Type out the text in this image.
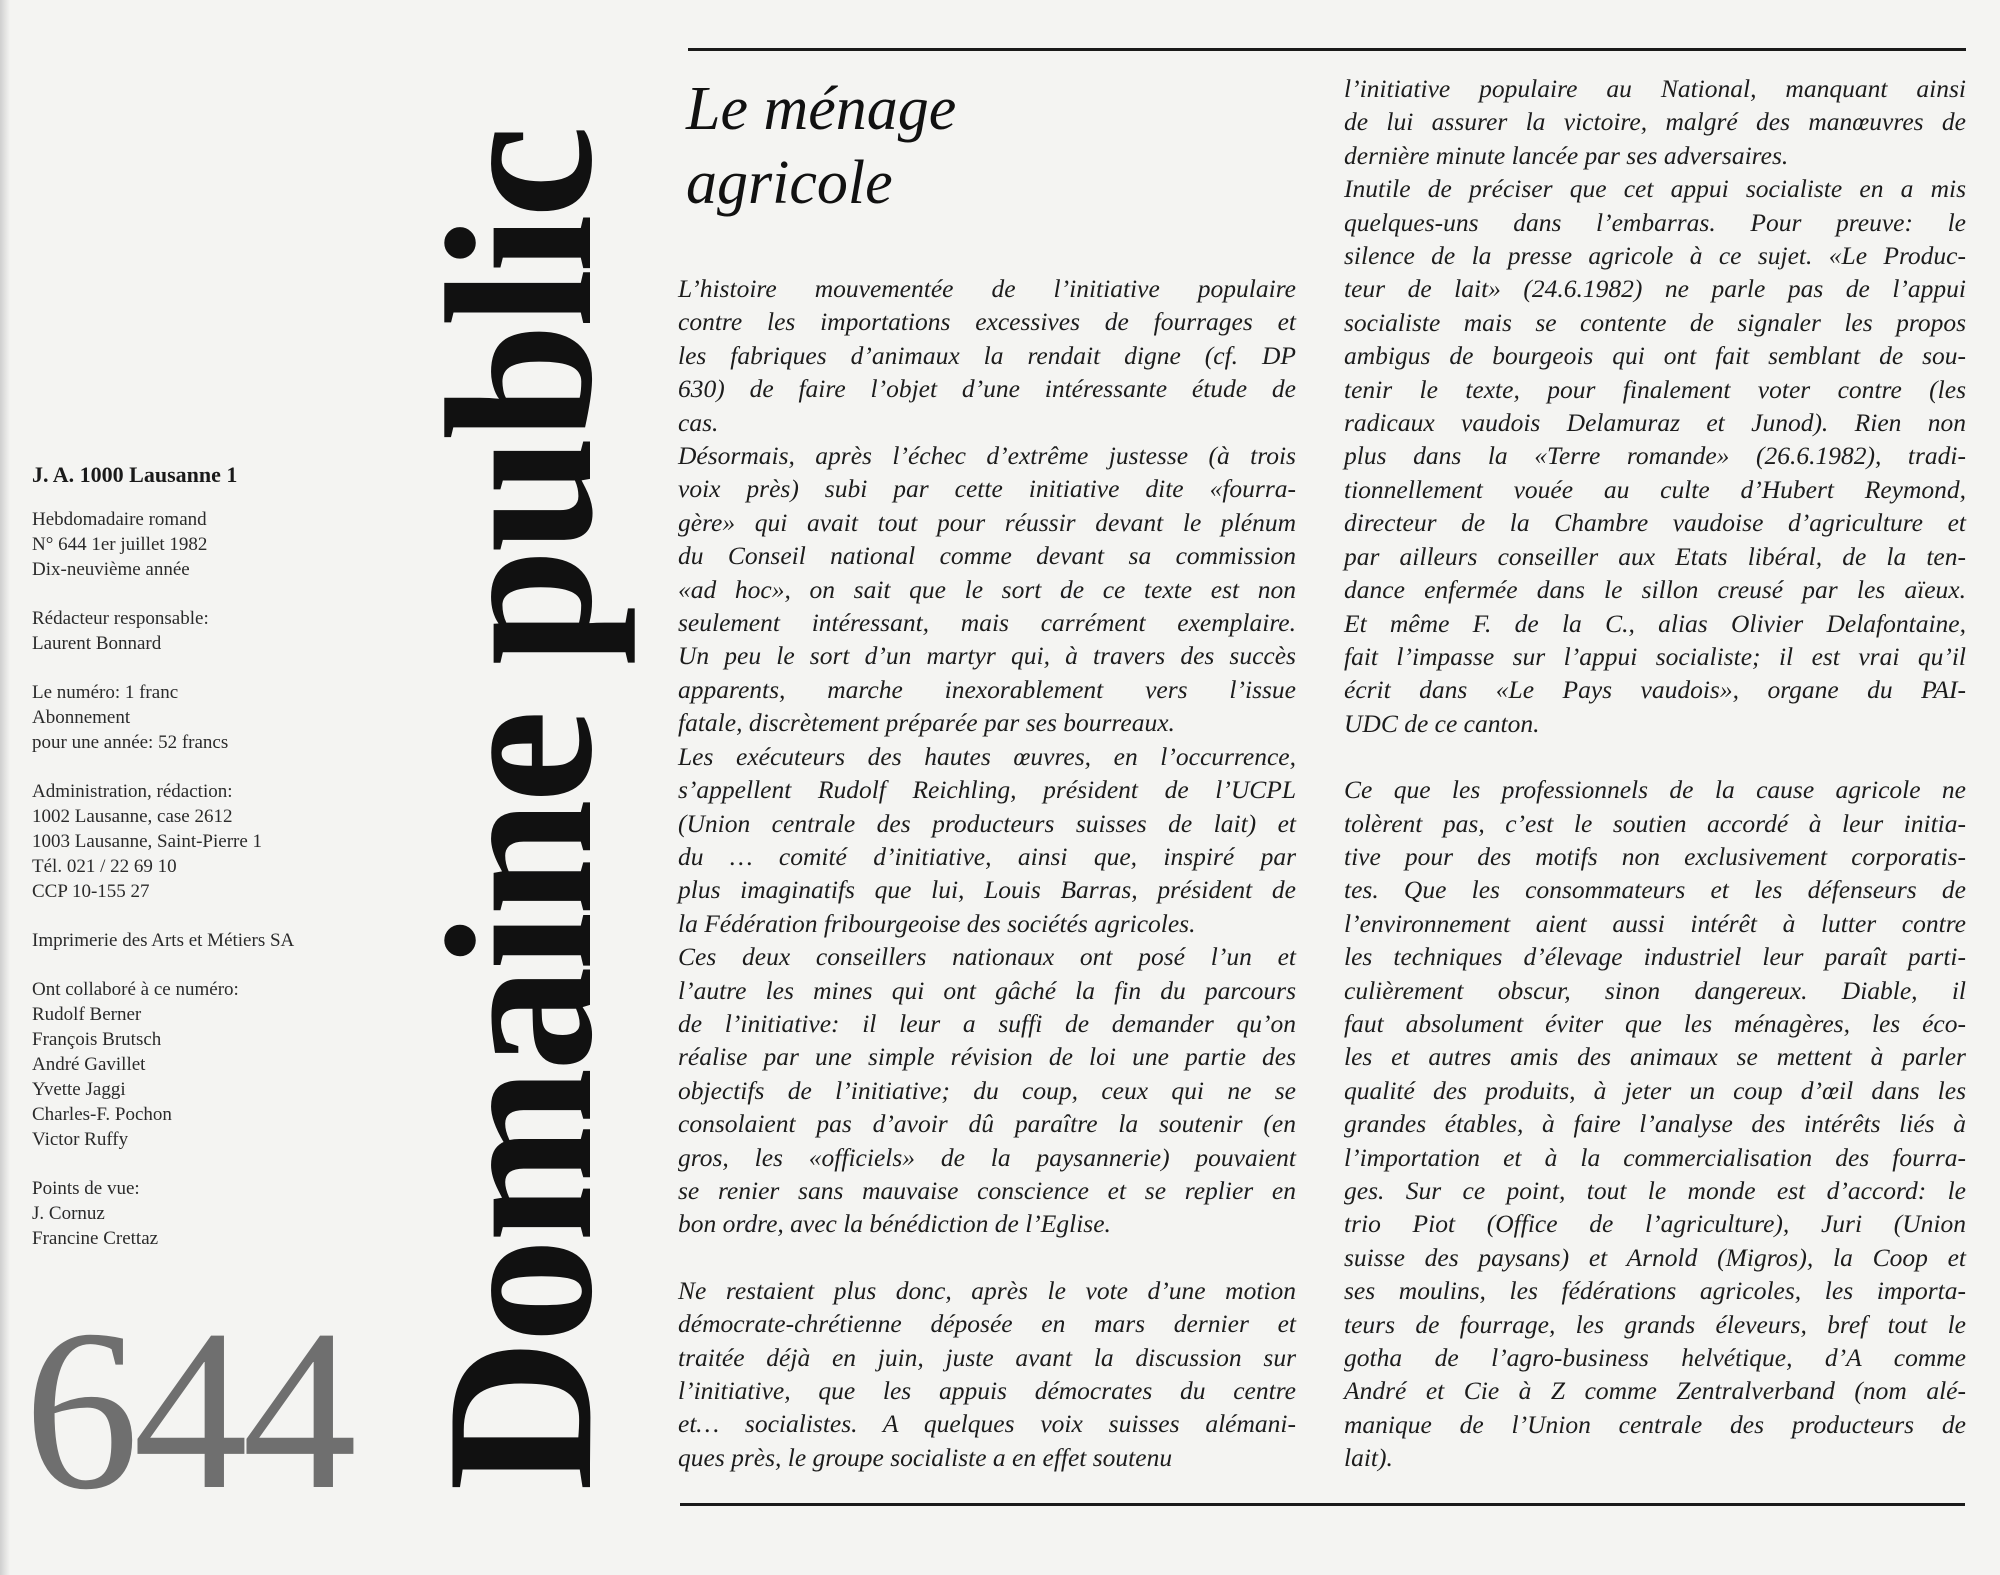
J. A. 1000 Lausanne 1
Hebdomadaire romand
N° 644 1er juillet 1982
Dix-neuvième année
Rédacteur responsable:
Laurent Bonnard
Le numéro: 1 franc
Abonnement
pour une année: 52 francs
Administration, rédaction:
1002 Lausanne, case 2612
1003 Lausanne, Saint-Pierre 1
Tél. 021 / 22 69 10
CCP 10-155 27
Imprimerie des Arts et Métiers SA
Ont collaboré à ce numéro:
Rudolf Berner
François Brutsch
André Gavillet
Yvette Jaggi
Charles-F. Pochon
Victor Ruffy
Points de vue:
J. Cornuz
Francine Crettaz
644 Domaine public
Le ménage
agricole

L’histoire mouvementée de l’initiative populaire
contre les importations excessives de fourrages et
les fabriques d’animaux la rendait digne (cf. DP
630) de faire l’objet d’une intéressante étude de
cas.

Désormais, après l’échec d’extrême justesse (à trois
voix près) subi par cette initiative dite «fourra-
gère» qui avait tout pour réussir devant le plénum
du Conseil national comme devant sa commission
«ad hoc», on sait que le sort de ce texte est non
seulement intéressant, mais carrément exemplaire.
Un peu le sort d’un martyr qui, à travers des succès
apparents, marche inexorablement vers l’issue
fatale, discrètement préparée par ses bourreaux.

Les exécuteurs des hautes œuvres, en l’occurrence,
s’appellent Rudolf Reichling, président de l’UCPL
(Union centrale des producteurs suisses de lait) et
du … comité d’initiative, ainsi que, inspiré par
plus imaginatifs que lui, Louis Barras, président de
la Fédération fribourgeoise des sociétés agricoles.

Ces deux conseillers nationaux ont posé l’un et
l’autre les mines qui ont gâché la fin du parcours
de l’initiative: il leur a suffi de demander qu’on
réalise par une simple révision de loi une partie des
objectifs de l’initiative; du coup, ceux qui ne se
consolaient pas d’avoir dû paraître la soutenir (en
gros, les «officiels» de la paysannerie) pouvaient
se renier sans mauvaise conscience et se replier en
bon ordre, avec la bénédiction de l’Eglise.

Ne restaient plus donc, après le vote d’une motion
démocrate-chrétienne déposée en mars dernier et
traitée déjà en juin, juste avant la discussion sur
l’initiative, que les appuis démocrates du centre
et… socialistes. A quelques voix suisses alémani-
ques près, le groupe socialiste a en effet soutenu

l’initiative populaire au National, manquant ainsi
de lui assurer la victoire, malgré des manœuvres de
dernière minute lancée par ses adversaires.

Inutile de préciser que cet appui socialiste en a mis
quelques-uns dans l’embarras. Pour preuve: le
silence de la presse agricole à ce sujet. «Le Produc-
teur de lait» (24.6.1982) ne parle pas de l’appui
socialiste mais se contente de signaler les propos
ambigus de bourgeois qui ont fait semblant de sou-
tenir le texte, pour finalement voter contre (les
radicaux vaudois Delamuraz et Junod). Rien non
plus dans la «Terre romande» (26.6.1982), tradi-
tionnellement vouée au culte d’Hubert Reymond,
directeur de la Chambre vaudoise d’agriculture et
par ailleurs conseiller aux Etats libéral, de la ten-
dance enfermée dans le sillon creusé par les aïeux.
Et même F. de la C., alias Olivier Delafontaine,
fait l’impasse sur l’appui socialiste; il est vrai qu’il
écrit dans «Le Pays vaudois», organe du PAI-
UDC de ce canton.

Ce que les professionnels de la cause agricole ne
tolèrent pas, c’est le soutien accordé à leur initia-
tive pour des motifs non exclusivement corporatis-
tes. Que les consommateurs et les défenseurs de
l’environnement aient aussi intérêt à lutter contre
les techniques d’élevage industriel leur paraît parti-
culièrement obscur, sinon dangereux. Diable, il
faut absolument éviter que les ménagères, les éco-
les et autres amis des animaux se mettent à parler
qualité des produits, à jeter un coup d’œil dans les
grandes étables, à faire l’analyse des intérêts liés à
l’importation et à la commercialisation des fourra-
ges. Sur ce point, tout le monde est d’accord: le
trio Piot (Office de l’agriculture), Juri (Union
suisse des paysans) et Arnold (Migros), la Coop et
ses moulins, les fédérations agricoles, les importa-
teurs de fourrage, les grands éleveurs, bref tout le
gotha de l’agro-business helvétique, d’A comme
André et Cie à Z comme Zentralverband (nom alé-
manique de l’Union centrale des producteurs de
lait).
